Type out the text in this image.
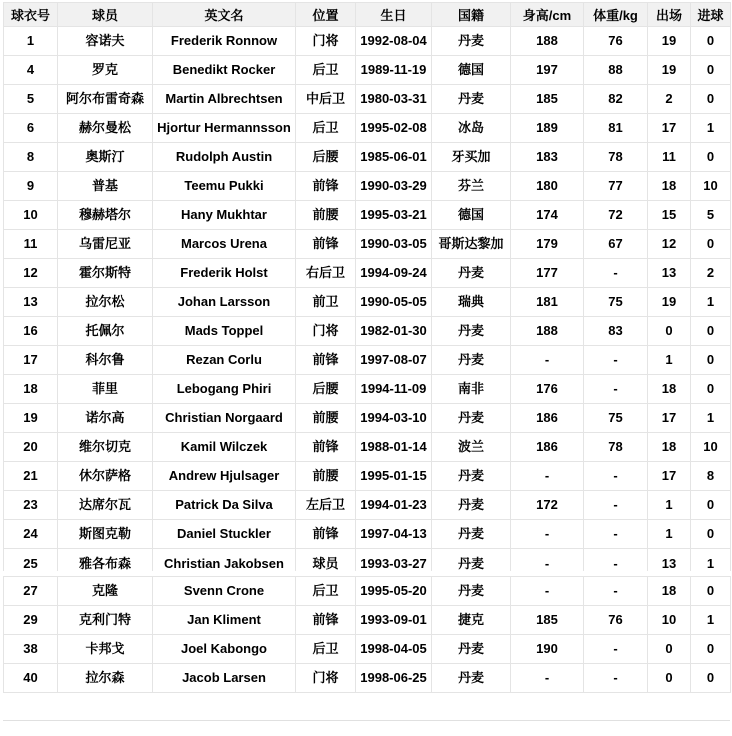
球衣号	球员	英文名	位置	生日	国籍	身高/cm	体重/kg	出场	进球

1	容诺夫	Frederik Ronnow	门将	1992-08-04	丹麦	188	76	19	0

4	罗克	Benedikt Rocker	后卫	1989-11-19	德国	197	88	19	0

5	阿尔布雷奇森	Martin Albrechtsen	中后卫	1980-03-31	丹麦	185	82	2	0

6	赫尔曼松	Hjortur Hermannsson	后卫	1995-02-08	冰岛	189	81	17	1

8	奥斯汀	Rudolph Austin	后腰	1985-06-01	牙买加	183	78	11	0

9	普基	Teemu Pukki	前锋	1990-03-29	芬兰	180	77	18	10

10	穆赫塔尔	Hany Mukhtar	前腰	1995-03-21	德国	174	72	15	5

11	乌雷尼亚	Marcos Urena	前锋	1990-03-05	哥斯达黎加	179	67	12	0

12	霍尔斯特	Frederik Holst	右后卫	1994-09-24	丹麦	177	-	13	2

13	拉尔松	Johan Larsson	前卫	1990-05-05	瑞典	181	75	19	1

16	托佩尔	Mads Toppel	门将	1982-01-30	丹麦	188	83	0	0

17	科尔鲁	Rezan Corlu	前锋	1997-08-07	丹麦	-	-	1	0

18	菲里	Lebogang Phiri	后腰	1994-11-09	南非	176	-	18	0

19	诺尔高	Christian Norgaard	前腰	1994-03-10	丹麦	186	75	17	1

20	维尔切克	Kamil Wilczek	前锋	1988-01-14	波兰	186	78	18	10

21	休尔萨格	Andrew Hjulsager	前腰	1995-01-15	丹麦	-	-	17	8

23	达席尔瓦	Patrick Da Silva	左后卫	1994-01-23	丹麦	172	-	1	0

24	斯图克勒	Daniel Stuckler	前锋	1997-04-13	丹麦	-	-	1	0

25	雅各布森	Christian Jakobsen	球员	1993-03-27	丹麦	-	-	13	1
27	克隆	Svenn Crone	后卫	1995-05-20	丹麦	-	-	18	0

29	克利门特	Jan Kliment	前锋	1993-09-01	捷克	185	76	10	1

38	卡邦戈	Joel Kabongo	后卫	1998-04-05	丹麦	190	-	0	0

40	拉尔森	Jacob Larsen	门将	1998-06-25	丹麦	-	-	0	0
